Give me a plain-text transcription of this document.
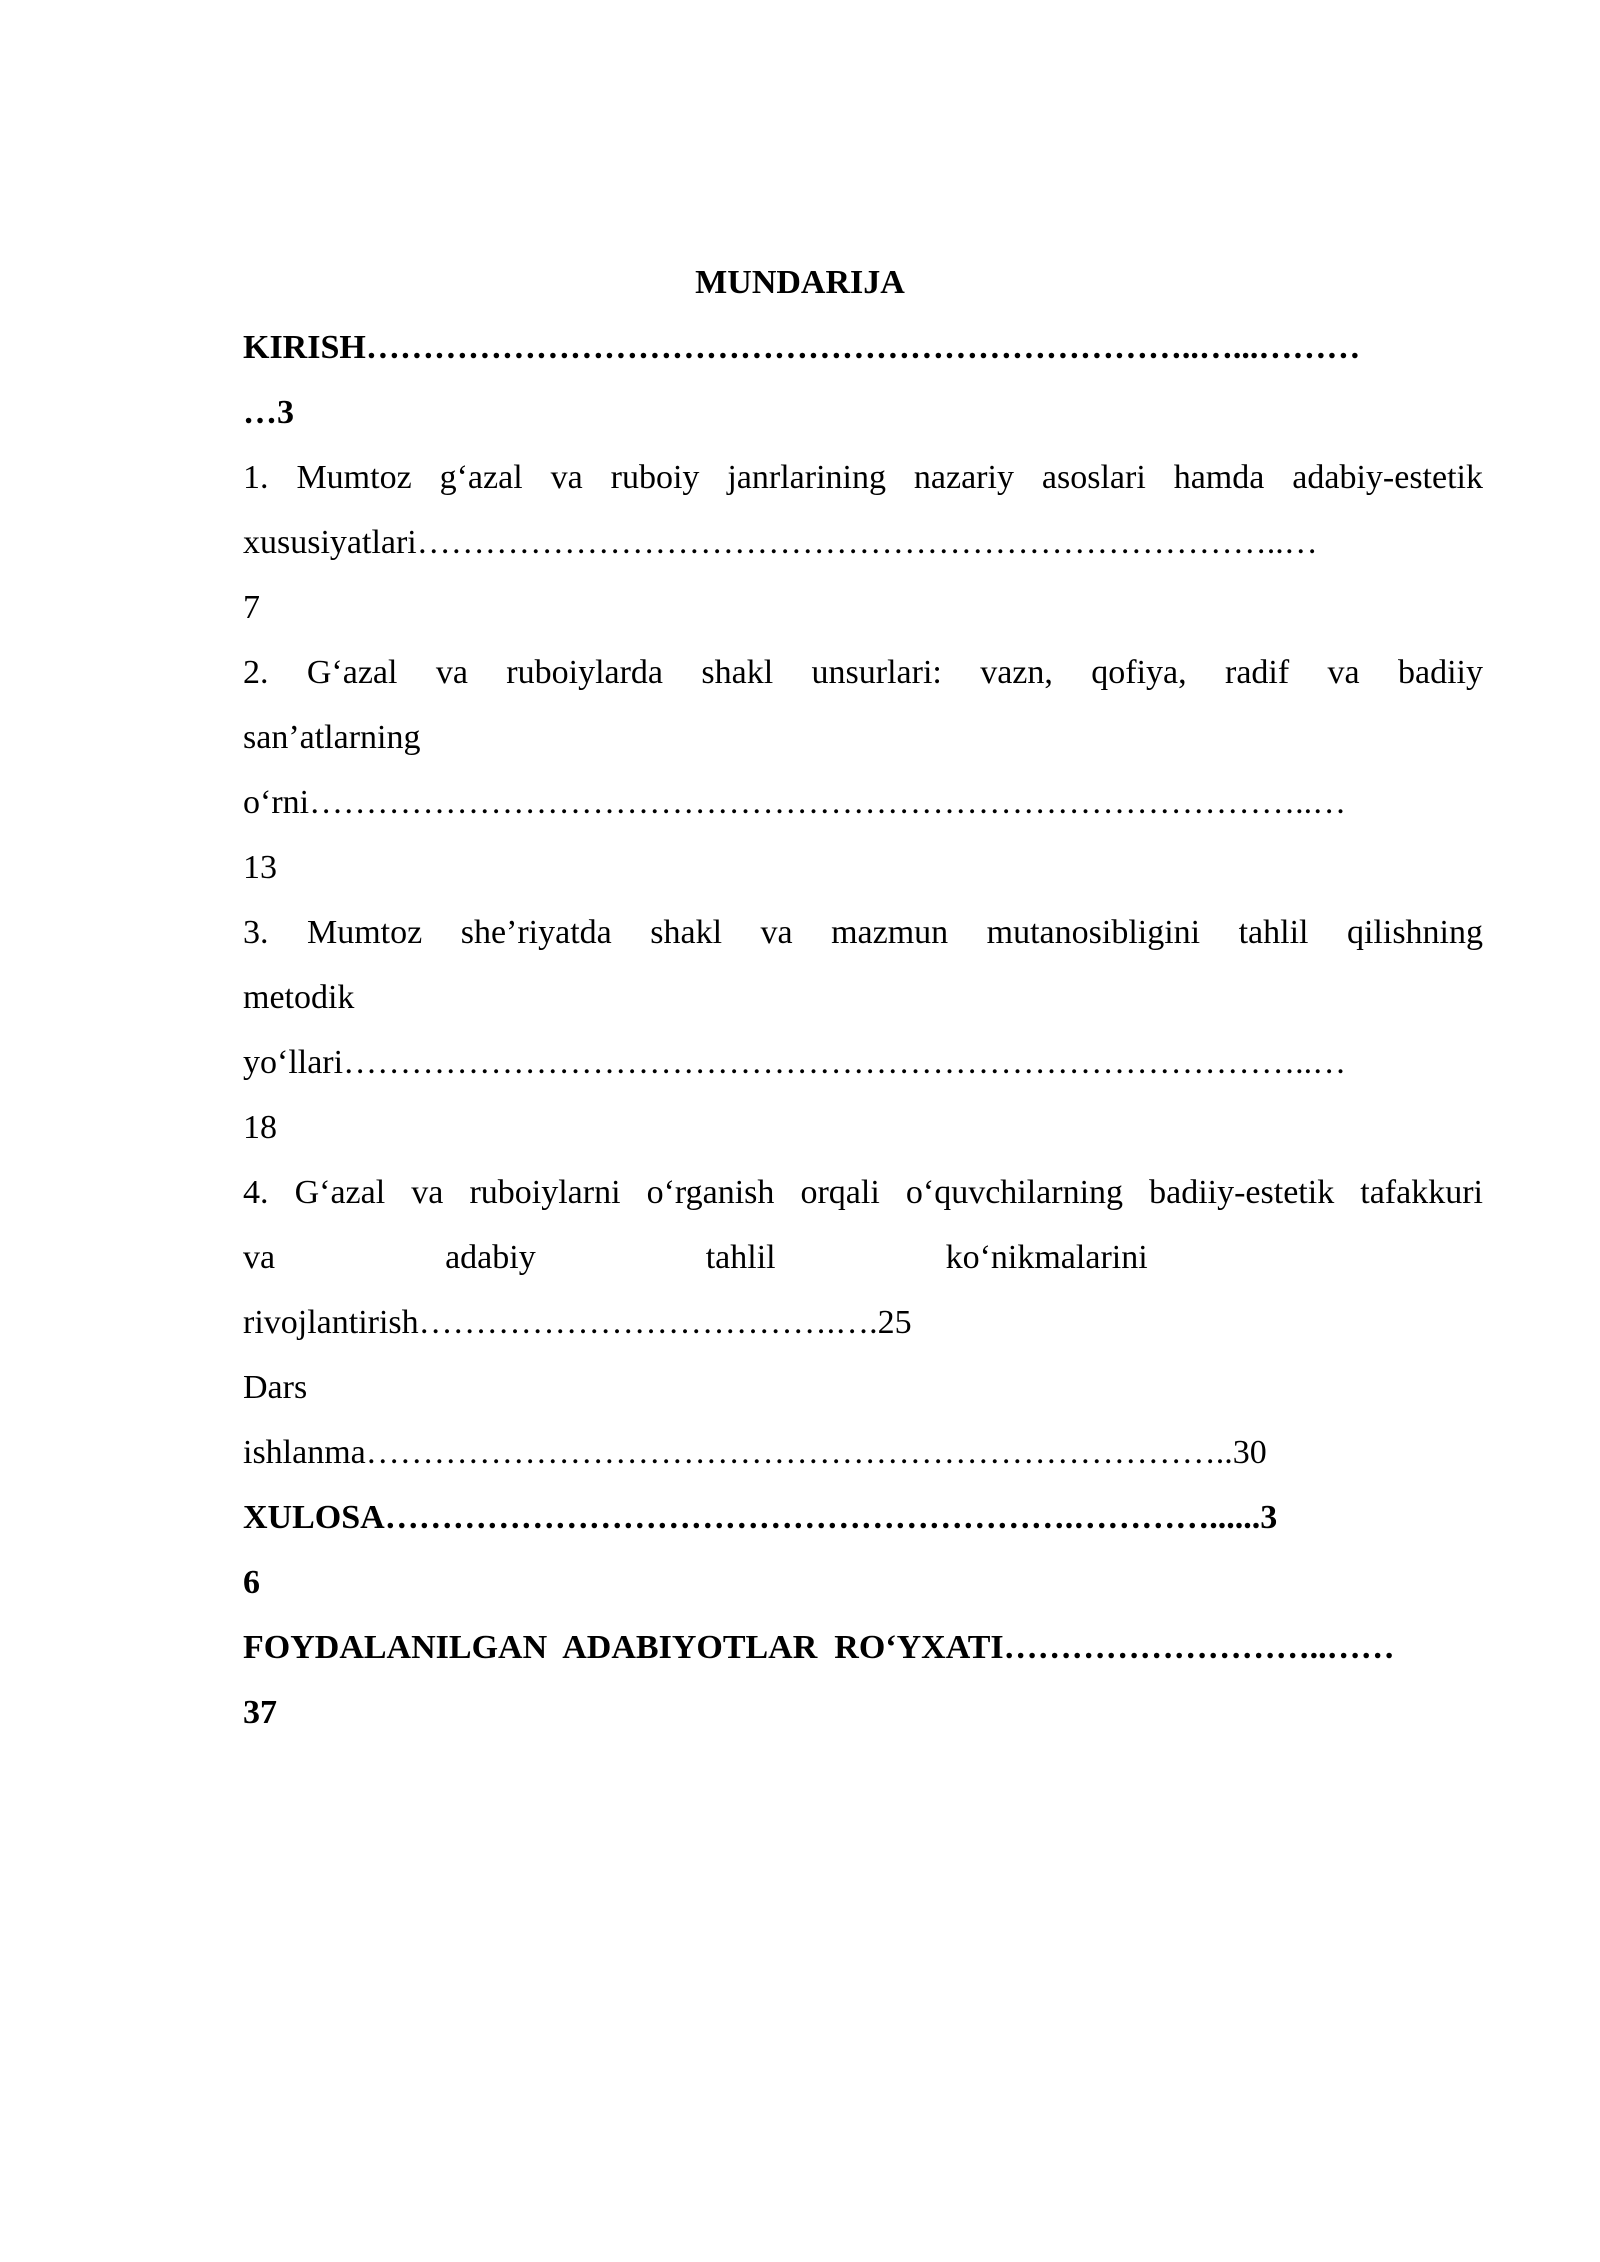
MUNDARIJA
KIRISH………………………………………………………………..…...………
…3
1. Mumtoz g‘azal va ruboiy janrlarining nazariy asoslari hamda adabiy-estetik
xususiyatlari…………………………………………………………………..…
7
2. G‘azal va ruboiylarda shakl unsurlari: vazn, qofiya, radif va badiiy
san’atlarning
o‘rni……………………………………………………………………………..…
13
3. Mumtoz she’riyatda shakl va mazmun mutanosibligini tahlil qilishning
metodik
yo‘llari…………………………………………………………………………..…
18
4. G‘azal va ruboiylarni o‘rganish orqali o‘quvchilarning badiiy-estetik tafakkuri
va                    adabiy                    tahlil                    ko‘nikmalarini
rivojlantirish……………………………….….25
Dars
ishlanma…………………………………………………………………..30
XULOSA…………………………………………………….…………......3
6
FOYDALANILGAN  ADABIYOTLAR  RO‘YXATI………………………..……
37
